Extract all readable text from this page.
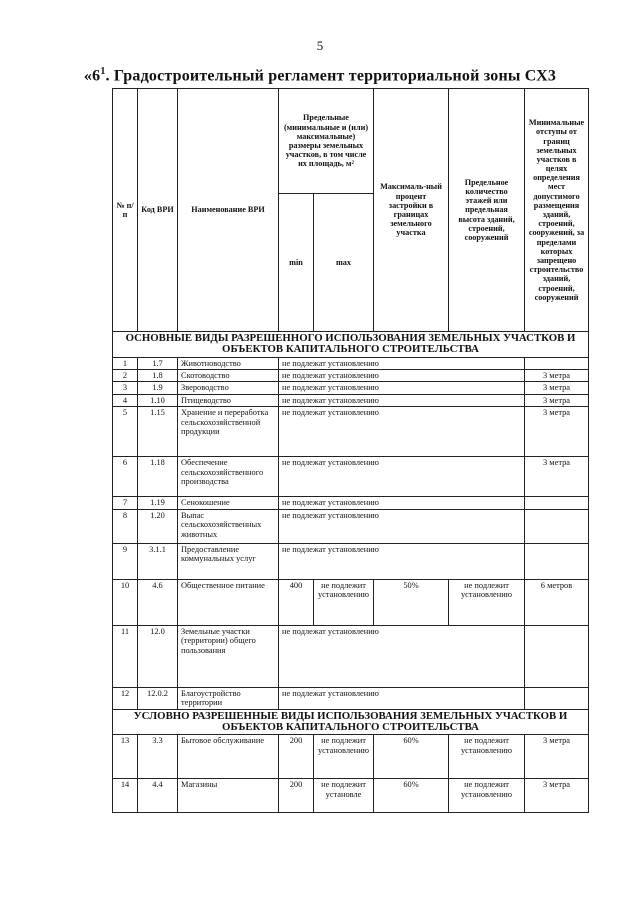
5
«$6^1$. Градостроительный регламент территориальной зоны СХ3
№ п/п	Код ВРИ	Наименование ВРИ	Предельные (минимальные и (или) максимальные) размеры земельных участков, в том числе их площадь, м²		Максималь-ный процент застройки в границах земельного участка	Предельное количество этажей или предельная высота зданий, строений, сооружений	Минимальные отступы от границ земельных участков в целях определения мест допустимого размещения зданий, строений, сооружений, за пределами которых запрещено строительство зданий, строений, сооружений
			min	max			
ОСНОВНЫЕ ВИДЫ РАЗРЕШЕННОГО ИСПОЛЬЗОВАНИЯ ЗЕМЕЛЬНЫХ УЧАСТКОВ И ОБЪЕКТОВ КАПИТАЛЬНОГО СТРОИТЕЛЬСТВА							
1	1.7	Животноводство	не подлежат установлению				
2	1.8	Скотоводство	не подлежат установлению				3 метра
3	1.9	Звероводство	не подлежат установлению				3 метра
4	1.10	Птицеводство	не подлежат установлению				3 метра
5	1.15	Хранение и переработка сельскохозяйственной продукции	не подлежат установлению				3 метра
6	1.18	Обеспечение сельскохозяйственного производства	не подлежат установлению				3 метра
7	1.19	Сенокошение	не подлежат установлению				
8	1.20	Выпас сельскохозяйственных животных	не подлежат установлению				
9	3.1.1	Предоставление коммунальных услуг	не подлежат установлению				
10	4.6	Общественное питание	400	не подлежит установлению	50%	не подлежит установлению	6 метров
11	12.0	Земельные участки (территории) общего пользования	не подлежат установлению				
12	12.0.2	Благоустройство территории	не подлежат установлению				
УСЛОВНО РАЗРЕШЕННЫЕ ВИДЫ ИСПОЛЬЗОВАНИЯ ЗЕМЕЛЬНЫХ УЧАСТКОВ И ОБЪЕКТОВ КАПИТАЛЬНОГО СТРОИТЕЛЬСТВА							
13	3.3	Бытовое обслуживание	200	не подлежит установлению	60%	не подлежит установлению	3 метра
14	4.4	Магазины	200	не подлежит установле	60%	не подлежит установлению	3 метра
